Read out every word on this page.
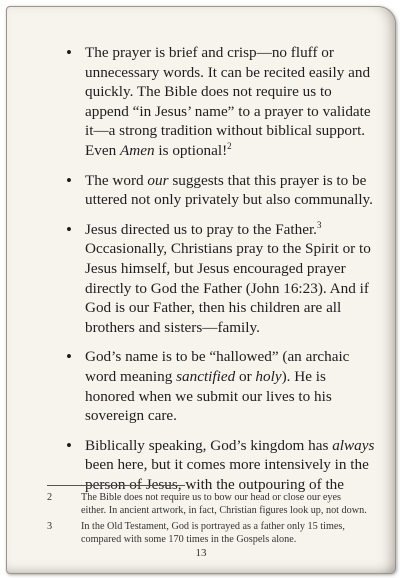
• The prayer is brief and crisp—no fluff or unnecessary words. It can be recited easily and quickly. The Bible does not require us to append “in Jesus’ name” to a prayer to validate it—a strong tradition without biblical support. Even Amen is optional!$^2$
• The word our suggests that this prayer is to be uttered not only privately but also communally.
• Jesus directed us to pray to the Father.$^3$ Occasionally, Christians pray to the Spirit or to Jesus himself, but Jesus encouraged prayer directly to God the Father (John 16:23). And if God is our Father, then his children are all brothers and sisters—family.
• God’s name is to be “hallowed” (an archaic word meaning sanctified or holy). He is honored when we submit our lives to his sovereign care.
• Biblically speaking, God’s kingdom has always been here, but it comes more intensively in the person of Jesus, with the outpouring of the
2	The Bible does not require us to bow our head or close our eyes either. In ancient artwork, in fact, Christian figures look up, not down.
3	In the Old Testament, God is portrayed as a father only 15 times, compared with some 170 times in the Gospels alone.
13
